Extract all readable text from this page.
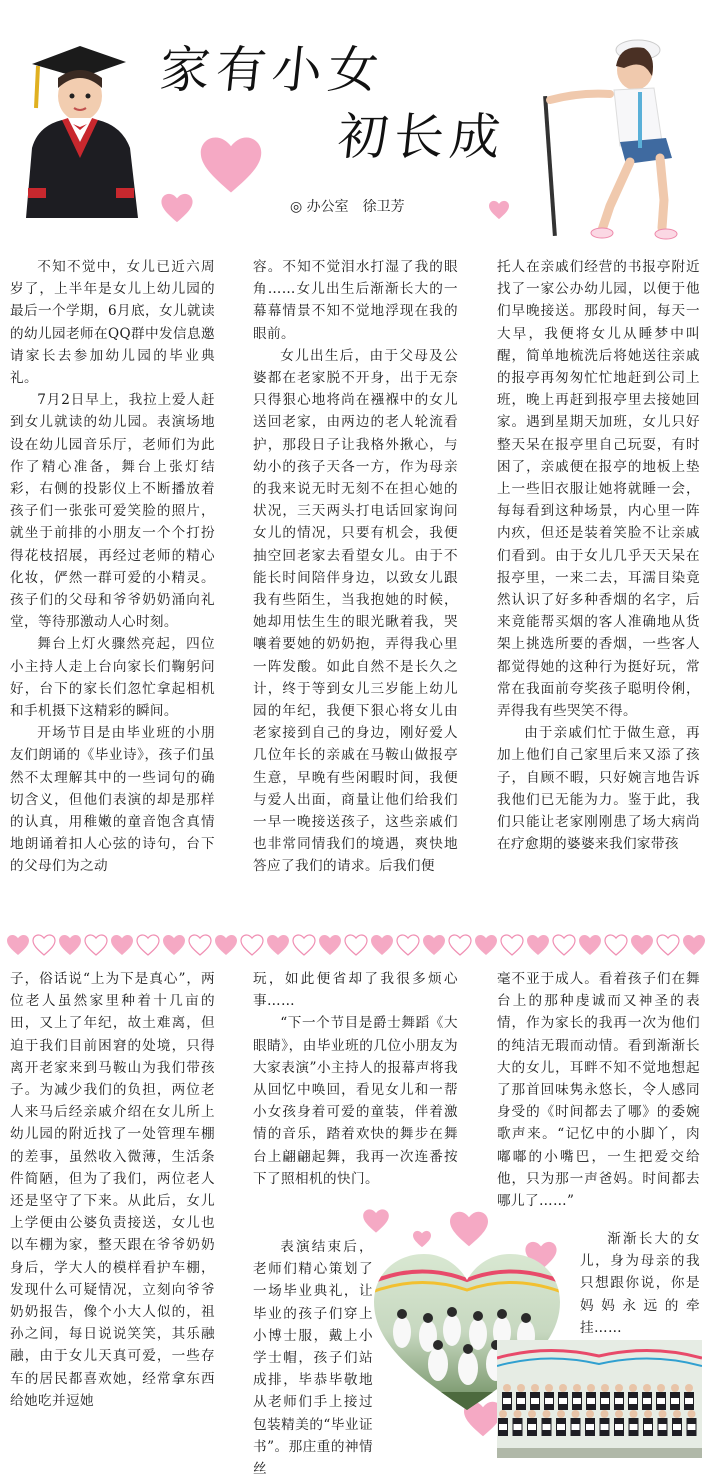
家有小女
初长成
◎ 办公室　徐卫芳

不知不觉中，女儿已近六周岁了，上半年是女儿上幼儿园的最后一个学期，6月底，女儿就读的幼儿园老师在QQ群中发信息邀请家长去参加幼儿园的毕业典礼。

7月2日早上，我拉上爱人赶到女儿就读的幼儿园。表演场地设在幼儿园音乐厅，老师们为此作了精心准备，舞台上张灯结彩，右侧的投影仪上不断播放着孩子们一张张可爱笑脸的照片，就坐于前排的小朋友一个个打扮得花枝招展，再经过老师的精心化妆，俨然一群可爱的小精灵。孩子们的父母和爷爷奶奶涌向礼堂，等待那激动人心时刻。

舞台上灯火骤然亮起，四位小主持人走上台向家长们鞠躬问好，台下的家长们忽忙拿起相机和手机摄下这精彩的瞬间。

开场节目是由毕业班的小朋友们朗诵的《毕业诗》，孩子们虽然不太理解其中的一些词句的确切含义，但他们表演的却是那样的认真，用稚嫩的童音饱含真情地朗诵着扣人心弦的诗句，台下的父母们为之动

容。不知不觉泪水打湿了我的眼角……女儿出生后渐渐长大的一幕幕情景不知不觉地浮现在我的眼前。

女儿出生后，由于父母及公婆都在老家脱不开身，出于无奈只得狠心地将尚在襁褓中的女儿送回老家，由两边的老人轮流看护，那段日子让我格外揪心，与幼小的孩子天各一方，作为母亲的我来说无时无刻不在担心她的状况，三天两头打电话回家询问女儿的情况，只要有机会，我便抽空回老家去看望女儿。由于不能长时间陪伴身边，以致女儿跟我有些陌生，当我抱她的时候，她却用怯生生的眼光瞅着我，哭嚷着要她的奶奶抱，弄得我心里一阵发酸。如此自然不是长久之计，终于等到女儿三岁能上幼儿园的年纪，我便下狠心将女儿由老家接到自己的身边，刚好爱人几位年长的亲戚在马鞍山做报亭生意，早晚有些闲暇时间，我便与爱人出面，商量让他们给我们一早一晚接送孩子，这些亲戚们也非常同情我们的境遇，爽快地答应了我们的请求。后我们便

托人在亲戚们经营的书报亭附近找了一家公办幼儿园，以便于他们早晚接送。那段时间，每天一大早，我便将女儿从睡梦中叫醒，简单地梳洗后将她送往亲戚的报亭再匆匆忙忙地赶到公司上班，晚上再赶到报亭里去接她回家。遇到星期天加班，女儿只好整天呆在报亭里自己玩耍，有时困了，亲戚便在报亭的地板上垫上一些旧衣服让她将就睡一会，每每看到这种场景，内心里一阵内疚，但还是装着笑脸不让亲戚们看到。由于女儿几乎天天呆在报亭里，一来二去，耳濡目染竟然认识了好多种香烟的名字，后来竟能帮买烟的客人准确地从货架上挑选所要的香烟，一些客人都觉得她的这种行为挺好玩，常常在我面前夸奖孩子聪明伶俐，弄得我有些哭笑不得。

由于亲戚们忙于做生意，再加上他们自己家里后来又添了孩子，自顾不暇，只好婉言地告诉我他们已无能为力。鉴于此，我们只能让老家刚刚患了场大病尚在疗愈期的婆婆来我们家带孩

子，俗话说“上为下是真心”，两位老人虽然家里种着十几亩的田，又上了年纪，故土难离，但迫于我们目前困窘的处境，只得离开老家来到马鞍山为我们带孩子。为减少我们的负担，两位老人来马后经亲戚介绍在女儿所上幼儿园的附近找了一处管理车棚的差事，虽然收入微薄，生活条件简陋，但为了我们，两位老人还是坚守了下来。从此后，女儿上学便由公婆负责接送，女儿也以车棚为家，整天跟在爷爷奶奶身后，学大人的模样看护车棚，发现什么可疑情况，立刻向爷爷奶奶报告，像个小大人似的，祖孙之间，每日说说笑笑，其乐融融，由于女儿天真可爱，一些存车的居民都喜欢她，经常拿东西给她吃并逗她

玩，如此便省却了我很多烦心事……

“下一个节目是爵士舞蹈《大眼睛》，由毕业班的几位小朋友为大家表演”小主持人的报幕声将我从回忆中唤回，看见女儿和一帮小女孩身着可爱的童装，伴着激情的音乐，踏着欢快的舞步在舞台上翩翩起舞，我再一次连番按下了照相机的快门。

表演结束后，老师们精心策划了一场毕业典礼，让毕业的孩子们穿上小博士服，戴上小学士帽，孩子们站成排，毕恭毕敬地从老师们手上接过包装精美的“毕业证书”。那庄重的神情丝

毫不亚于成人。看着孩子们在舞台上的那种虔诚而又神圣的表情，作为家长的我再一次为他们的纯洁无瑕而动情。看到渐渐长大的女儿，耳畔不知不觉地想起了那首回味隽永悠长，令人感同身受的《时间都去了哪》的委婉歌声来。“记忆中的小脚丫，肉嘟嘟的小嘴巴，一生把爱交给他，只为那一声爸妈。时间都去哪儿了……”

渐渐长大的女儿，身为母亲的我只想跟你说，你是妈妈永远的牵挂……
